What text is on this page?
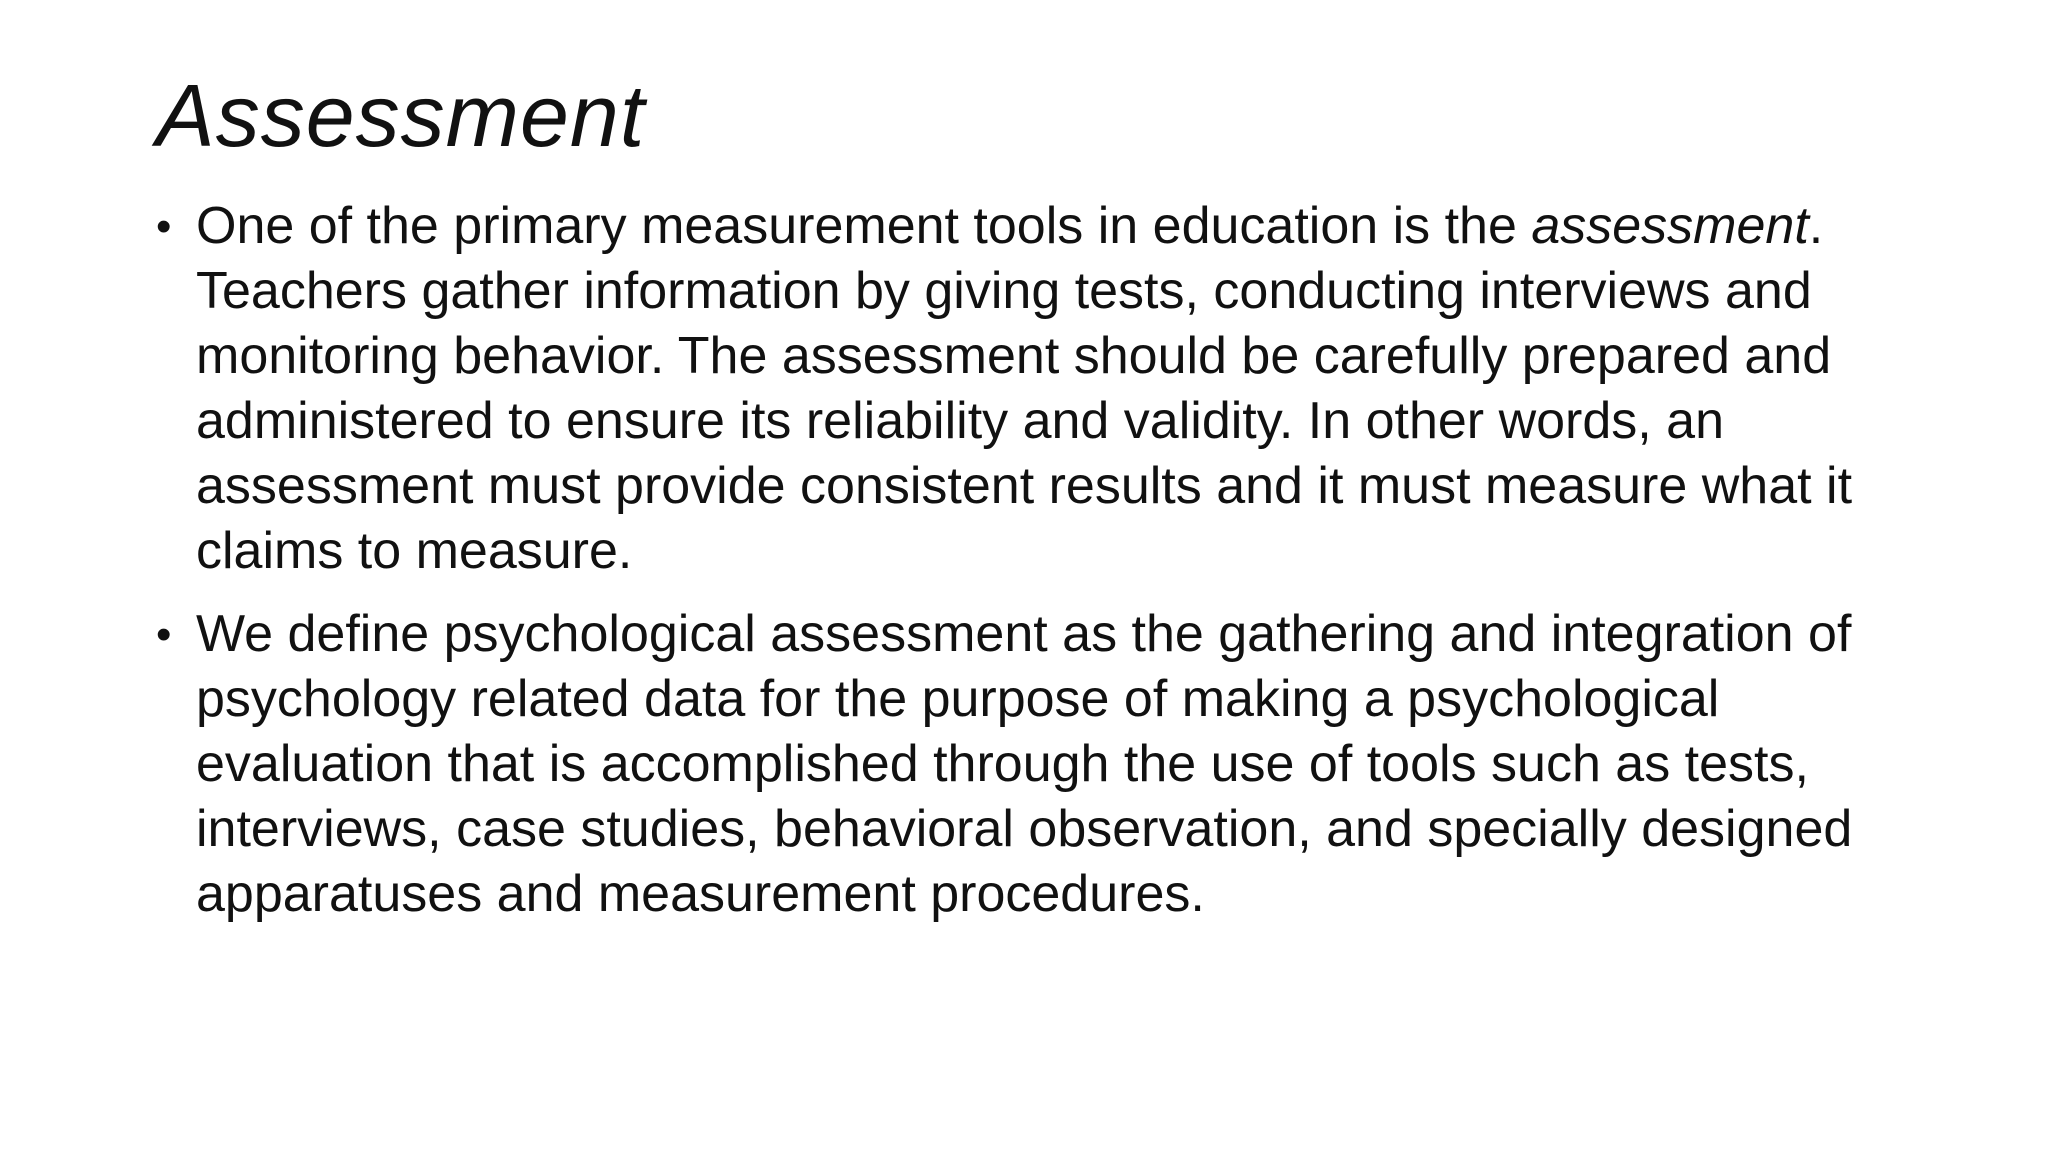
Assessment
• One of the primary measurement tools in education is the assessment. Teachers gather information by giving tests, conducting interviews and monitoring behavior. The assessment should be carefully prepared and administered to ensure its reliability and validity. In other words, an assessment must provide consistent results and it must measure what it claims to measure.
• We define psychological assessment as the gathering and integration of psychology related data for the purpose of making a psychological evaluation that is accomplished through the use of tools such as tests, interviews, case studies, behavioral observation, and specially designed apparatuses and measurement procedures.
